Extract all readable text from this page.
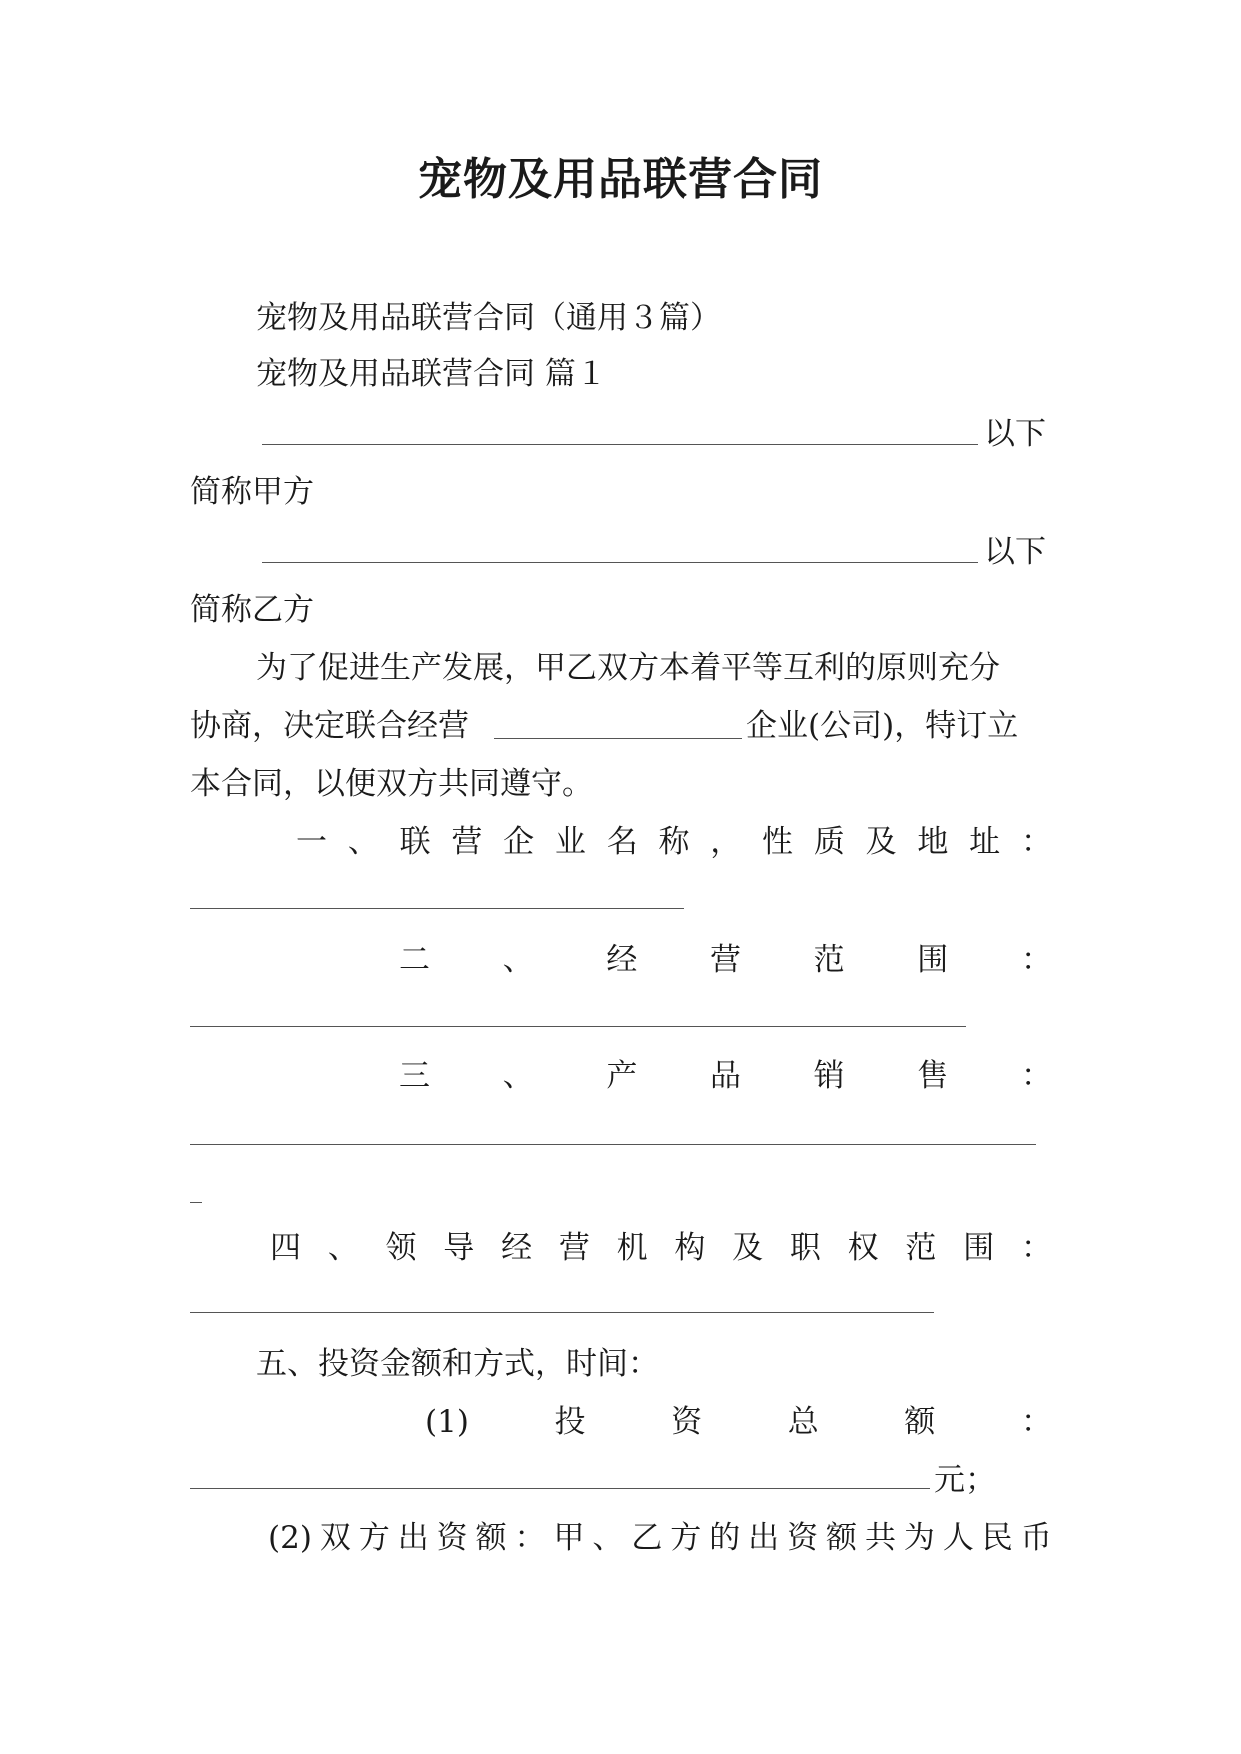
宠物及用品联营合同
宠物及用品联营合同（通用３篇）
宠物及用品联营合同 篇１
以下
简称甲方
以下
简称乙方
为了促进生产发展，甲乙双方本着平等互利的原则充分
协商，决定联合经营	企业(公司)，特订立
本合同，以便双方共同遵守。
一 、 联 营 企 业 名 称 ， 性 质 及 地 址 ：
二 、 经 营 范 围 ：
三 、 产 品 销 售 ：
四 、 领 导 经 营 机 构 及 职 权 范 围 ：
五、投资金额和方式，时间：
(1)	投	资	总	额	：
元；
(2) 双 方 出 资 额 ： 甲 、 乙 方 的 出 资 额 共 为 人 民 币
